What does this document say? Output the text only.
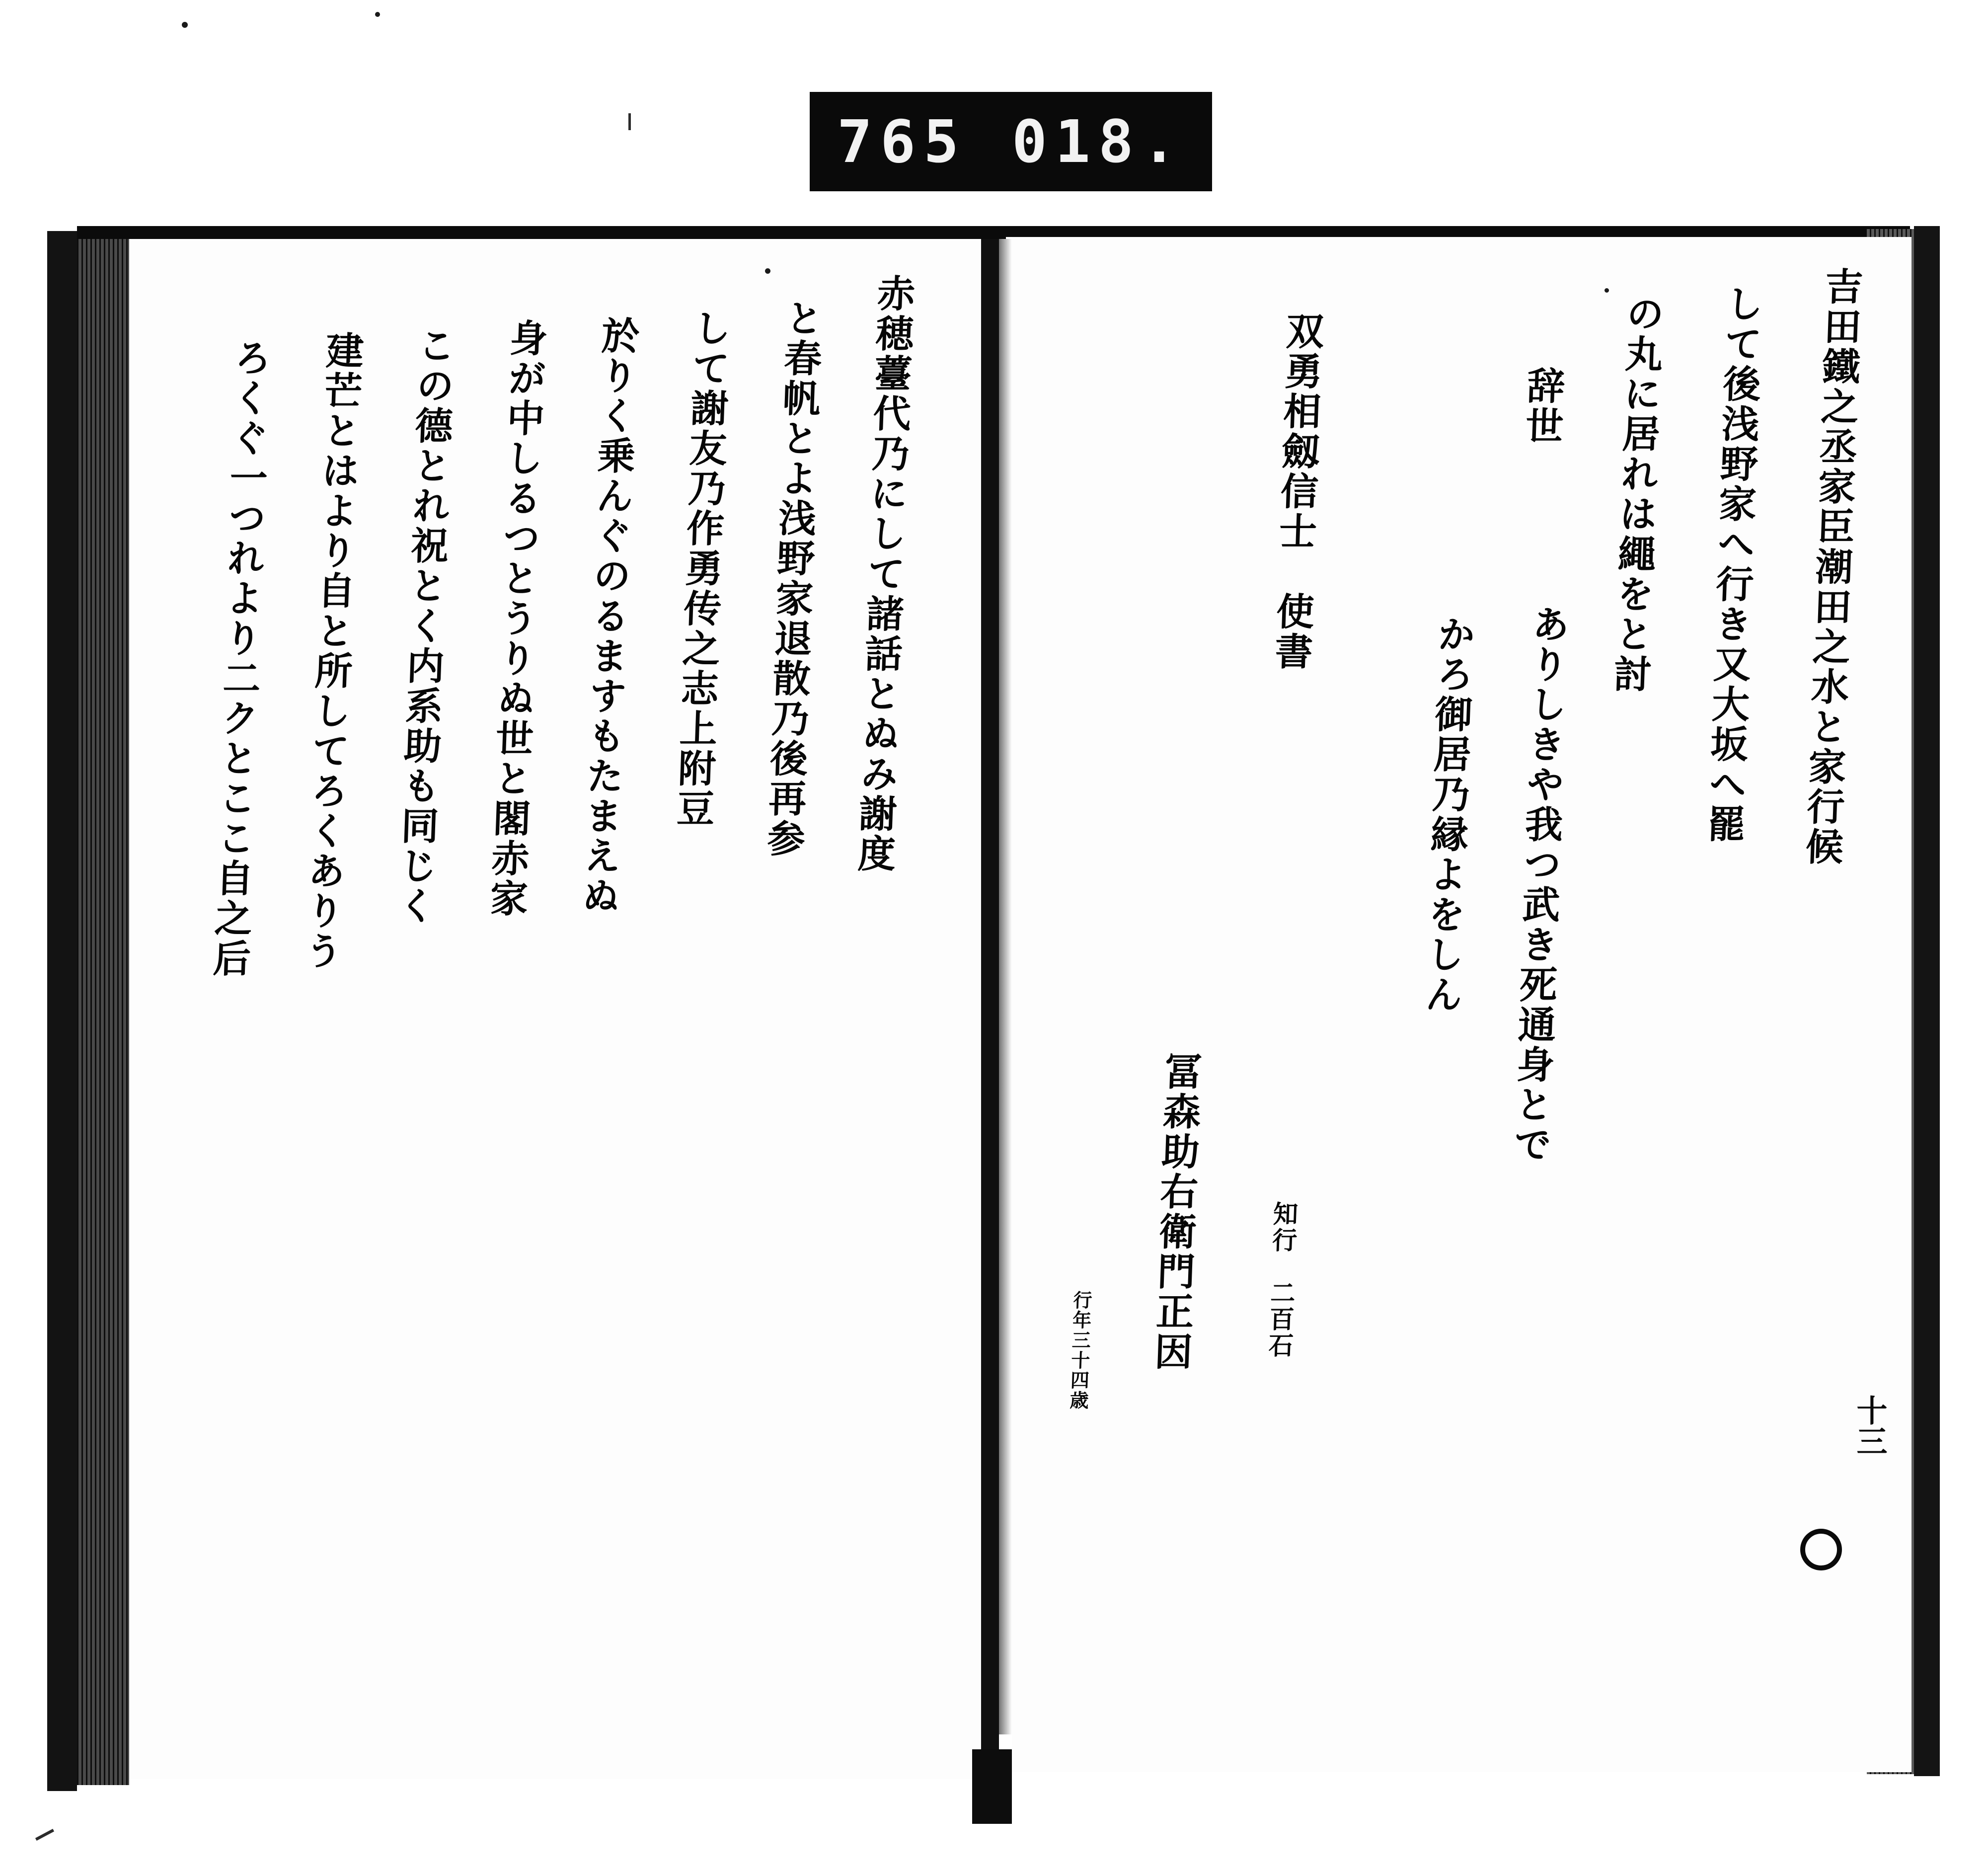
765 018.
赤穂薹代乃にして諸話とぬみ謝度
と春帆とよ浅野家退散乃後再参
して謝友乃作勇传之志上附豆
於りく乗んぐのるますもたまえぬ
身が中しるつとうりぬ世と閣赤家
この德とれ祝とく内系助も同じく
建芒とはより自と所してろくありう
ろくぐ一つれより二クとここ自之后	吉田鐵之丞家臣潮田之水と家行候
して後浅野家へ行き又大坂へ罷
の丸に居れは繩をと討
辞世
ありしきや我つ武き死通身とで
かろ御居乃縁よをしん
双勇相劔信士　使書
知行　二百石
冨森助右衛門正因
行年三十四歳
十三
